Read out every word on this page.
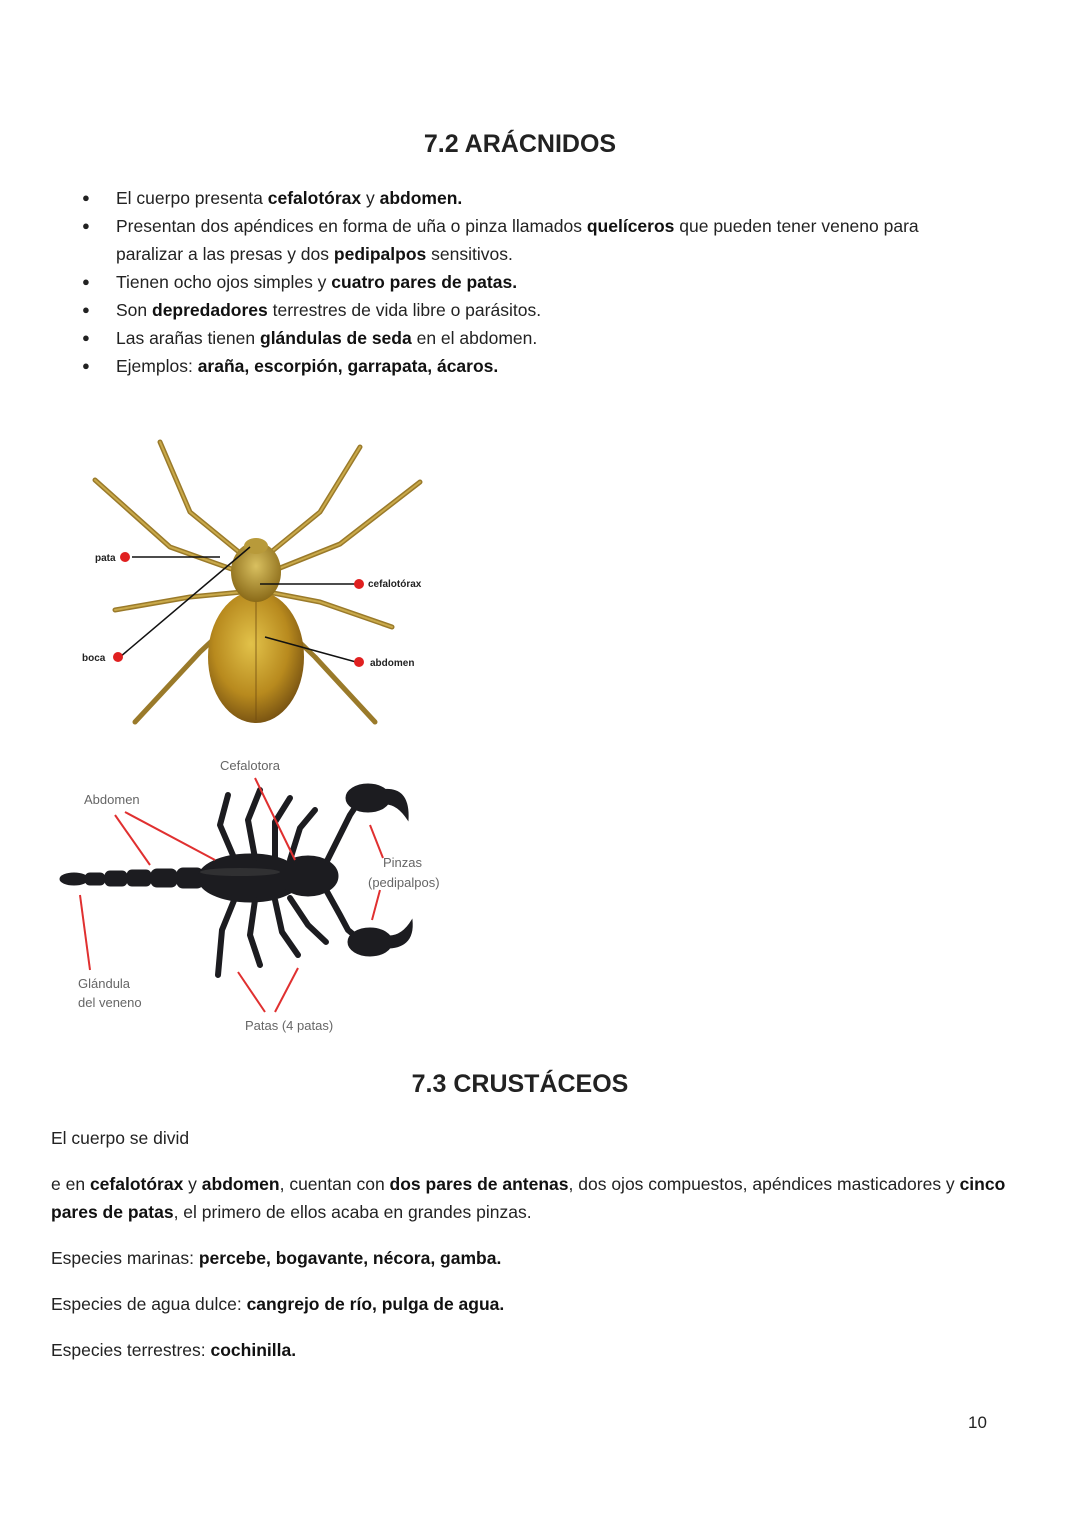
7.2 ARÁCNIDOS
● El cuerpo presenta cefalotórax y abdomen.
● Presentan dos apéndices en forma de uña o pinza llamados quelíceros que pueden tener veneno para paralizar a las presas y dos pedipalpos sensitivos.
● Tienen ocho ojos simples y cuatro pares de patas.
● Son depredadores terrestres de vida libre o parásitos.
● Las arañas tienen glándulas de seda en el abdomen.
● Ejemplos: araña, escorpión, garrapata, ácaros.
pata
boca
cefalotórax
abdomen
Cefalotora
Abdomen
Pinzas
(pedipalpos)
Glándula
del veneno
Patas (4 patas)
7.3 CRUSTÁCEOS

El cuerpo se divid

e en cefalotórax y abdomen, cuentan con dos pares de antenas, dos ojos compuestos, apéndices masticadores y cinco pares de patas, el primero de ellos acaba en grandes pinzas.

Especies marinas: percebe, bogavante, nécora, gamba.

Especies de agua dulce: cangrejo de río, pulga de agua.

Especies terrestres: cochinilla.

10
